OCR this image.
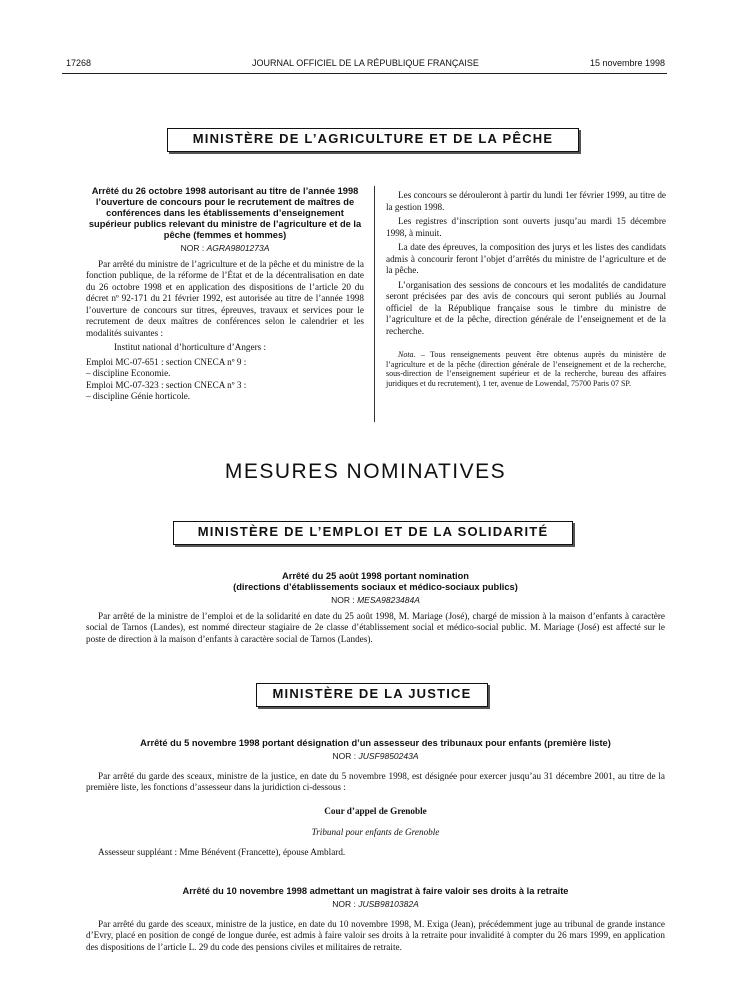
17268	JOURNAL OFFICIEL DE LA RÉPUBLIQUE FRANÇAISE	15 novembre 1998
MINISTÈRE DE L’AGRICULTURE ET DE LA PÊCHE
Arrêté du 26 octobre 1998 autorisant au titre de l’année 1998 l’ouverture de concours pour le recrutement de maîtres de conférences dans les établissements d’enseignement supérieur publics relevant du ministre de l’agriculture et de la pêche (femmes et hommes)
NOR : AGRA9801273A

Par arrêté du ministre de l’agriculture et de la pêche et du ministre de la fonction publique, de la réforme de l’État et de la décentralisation en date du 26 octobre 1998 et en application des dispositions de l’article 20 du décret nº 92-171 du 21 février 1992, est autorisée au titre de l’année 1998 l’ouverture de concours sur titres, épreuves, travaux et services pour le recrutement de deux maîtres de conférences selon le calendrier et les modalités suivantes :

Institut national d’horticulture d’Angers :

Emploi MC-07-651 : section CNECA nº 9 :

– discipline Economie.

Emploi MC-07-323 : section CNECA nº 3 :

– discipline Génie horticole.

Les concours se dérouleront à partir du lundi 1er février 1999, au titre de la gestion 1998.

Les registres d’inscription sont ouverts jusqu’au mardi 15 décembre 1998, à minuit.

La date des épreuves, la composition des jurys et les listes des candidats admis à concourir feront l’objet d’arrêtés du ministre de l’agriculture et de la pêche.

L’organisation des sessions de concours et les modalités de candidature seront précisées par des avis de concours qui seront publiés au Journal officiel de la République française sous le timbre du ministre de l’agriculture et de la pêche, direction générale de l’enseignement et de la recherche.

Nota. – Tous renseignements peuvent être obtenus auprès du ministère de l’agriculture et de la pêche (direction générale de l’enseignement et de la recherche, sous-direction de l’enseignement supérieur et de la recherche, bureau des affaires juridiques et du recrutement), 1 ter, avenue de Lowendal, 75700 Paris 07 SP.
MESURES NOMINATIVES
MINISTÈRE DE L’EMPLOI ET DE LA SOLIDARITÉ
Arrêté du 25 août 1998 portant nomination
(directions d’établissements sociaux et médico-sociaux publics)
NOR : MESA9823484A

Par arrêté de la ministre de l’emploi et de la solidarité en date du 25 août 1998, M. Mariage (José), chargé de mission à la maison d’enfants à caractère social de Tarnos (Landes), est nommé directeur stagiaire de 2e classe d’établissement social et médico-social public. M. Mariage (José) est affecté sur le poste de direction à la maison d’enfants à caractère social de Tarnos (Landes).

MINISTÈRE DE LA JUSTICE
Arrêté du 5 novembre 1998 portant désignation d’un assesseur des tribunaux pour enfants (première liste)
NOR : JUSF9850243A

Par arrêté du garde des sceaux, ministre de la justice, en date du 5 novembre 1998, est désignée pour exercer jusqu’au 31 décembre 2001, au titre de la première liste, les fonctions d’assesseur dans la juridiction ci-dessous :

Cour d’appel de Grenoble
Tribunal pour enfants de Grenoble

Assesseur suppléant : Mme Bénévent (Francette), épouse Amblard.

Arrêté du 10 novembre 1998 admettant un magistrat à faire valoir ses droits à la retraite
NOR : JUSB9810382A

Par arrêté du garde des sceaux, ministre de la justice, en date du 10 novembre 1998, M. Exiga (Jean), précédemment juge au tribunal de grande instance d’Evry, placé en position de congé de longue durée, est admis à faire valoir ses droits à la retraite pour invalidité à compter du 26 mars 1999, en application des dispositions de l’article L. 29 du code des pensions civiles et militaires de retraite.
